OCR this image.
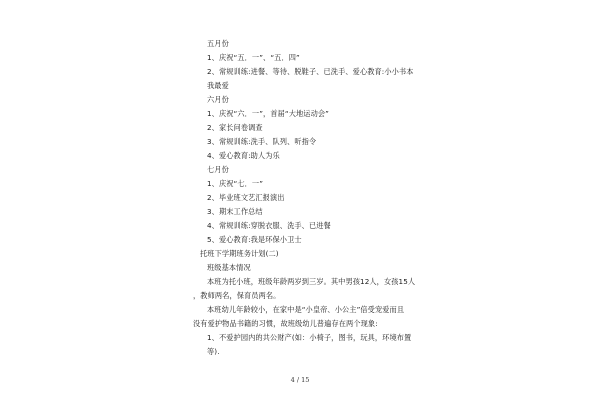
五月份
1、庆祝“五．一”、“五．四”
2、常规训练:进餐、等待、脱鞋子、已洗手、爱心教育:小小书本
我最爱
六月份
1、庆祝“六．一”，首届“大地运动会”
2、家长问卷调查
3、常规训练:洗手、队列、听指令
4、爱心教育:助人为乐
七月份
1、庆祝“七．一”
2、毕业班文艺汇报演出
3、期末工作总结
4、常规训练:穿脱衣服、洗手、已进餐
5、爱心教育:我是环保小卫士
托班下学期班务计划(二)
班级基本情况
本班为托小班，班级年龄两岁到三岁。其中男孩12人，女孩15人
，教师两名，保育员两名。
本班幼儿年龄较小，在家中是“小皇帝、小公主”倍受宠爱而且
没有爱护物品书籍的习惯，故班级幼儿普遍存在两个现象:
1、不爱护园内的共公财产(如：小椅子，图书，玩具，环境布置
等).
4 / 15
